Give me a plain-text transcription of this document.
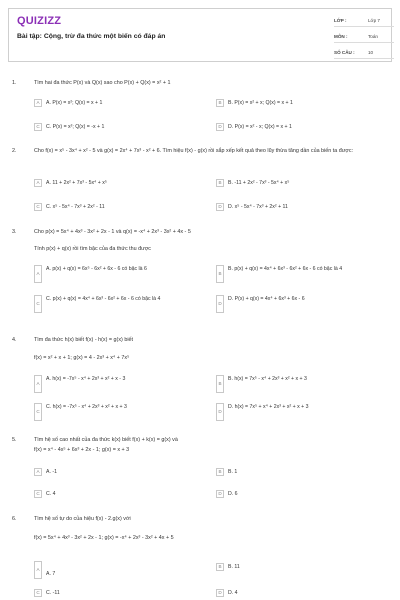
QUIZIZZ
Bài tập: Cộng, trừ đa thức một biến có đáp án
LỚP :	Lớp 7
MÔN :	Toán
SỐ CÂU :	10
1.	Tìm hai đa thức P(x) và Q(x) sao cho P(x) + Q(x) = x² + 1
A	A. P(x) = x²; Q(x) = x + 1	B	B. P(x) = x² + x; Q(x) = x + 1
C	C. P(x) = x²; Q(x) = -x + 1	D	D. P(x) = x² - x; Q(x) = x + 1
2.	Cho f(x) = x⁵ - 3x⁴ + x² - 5 và g(x) = 2x⁴ + 7x³ - x² + 6. Tìm hiệu f(x) - g(x) rồi sắp xếp kết quả theo lũy thừa tăng dần của biến ta được:
A	A. 11 + 2x² + 7x³ - 5x⁴ + x⁵	B	B. -11 + 2x² - 7x³ - 5x⁴ + x⁵
C	C. x⁵ - 5x⁴ - 7x³ + 2x² - 11	D	D. x⁵ - 5x⁴ - 7x³ + 2x² + 11
3.	Cho p(x) = 5x⁴ + 4x³ - 3x² + 2x - 1 và q(x) = -x⁴ + 2x³ - 3x² + 4x - 5
Tính p(x) + q(x) rồi tìm bậc của đa thức thu được
A
A. p(x) + q(x) = 6x⁵ - 6x² + 6x - 6 có bậc là 6
B
B. p(x) + q(x) = 4x⁴ + 6x³ - 6x² + 6x - 6 có bậc là 4
C
C. p(x) + q(x) = 4x⁴ + 6x³ - 6x² + 6x - 6 có bậc là 4
D
D. P(x) + q(x) = 4x⁴ + 6x³ + 6x - 6
4.	Tìm đa thức h(x) biết f(x) - h(x) = g(x) biết
f(x) = x² + x + 1; g(x) = 4 - 2x³ + x⁴ + 7x⁵
A
A. h(x) = -7x⁵ - x⁴ + 2x³ + x² + x - 3
B
B. h(x) = 7x⁵ - x⁴ + 2x³ + x² + x + 3
C
C. h(x) = -7x⁵ - x⁴ + 2x³ + x² + x + 3
D
D. h(x) = 7x⁵ + x⁴ + 2x³ + x² + x + 3
5.	Tìm hệ số cao nhất của đa thức k(x) biết f(x) + k(x) = g(x) và
f(x) = x⁴ - 4x⁵ + 6x³ + 2x - 1; g(x) = x + 3
A	A. -1	B	B. 1
C	C. 4	D	D. 6
6.	Tìm hệ số tự do của hiệu f(x) - 2.g(x) với
f(x) = 5x⁴ + 4x³ - 3x² + 2x - 1; g(x) = -x⁴ + 2x³ - 3x² + 4x + 5
A
A. 7
B	B. 11
C	C. -11	D	D. 4
